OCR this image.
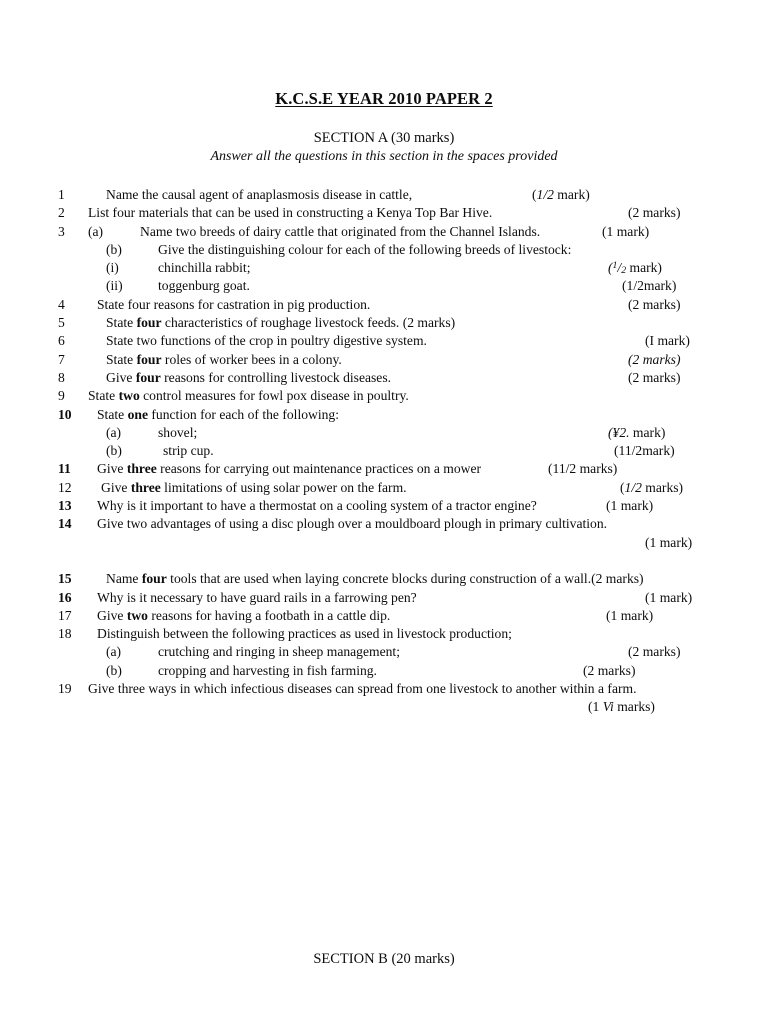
K.C.S.E YEAR 2010 PAPER 2
SECTION A (30 marks)
Answer all the questions in this section in the spaces provided
1	Name the causal agent of anaplasmosis disease in cattle,	(1/2 mark)
2	List four materials that can be used in constructing a Kenya Top Bar Hive.	(2 marks)
3	(a)	Name two breeds of dairy cattle that originated from the Channel Islands.	(1 mark)
(b)	Give the distinguishing colour for each of the following breeds of livestock:
(i)	chinchilla rabbit;	($^1/_2$ mark)
(ii)	toggenburg goat.	(1/2mark)
4	State four reasons for castration in pig production.	(2 marks)
5	State four characteristics of roughage livestock feeds. (2 marks)
6	State two functions of the crop in poultry digestive system.	(I mark)
7	State four roles of worker bees in a colony.	(2 marks)
8	Give four reasons for controlling livestock diseases.	(2 marks)
9	State two control measures for fowl pox disease in poultry.
10	State one function for each of the following:
(a)	shovel;	(¥2. mark)
(b)	strip cup.	(11/2mark)
11	Give three reasons for carrying out maintenance practices on a mower	(11/2 marks)
12	Give three limitations of using solar power on the farm.	(1/2 marks)
13	Why is it important to have a thermostat on a cooling system of a tractor engine?	(1 mark)
14	Give two advantages of using a disc plough over a mouldboard plough in primary cultivation.
(1 mark)
15	Name four tools that are used when laying concrete blocks during construction of a wall.(2 marks)
16	Why is it necessary to have guard rails in a farrowing pen?	(1 mark)
17	Give two reasons for having a footbath in a cattle dip.	(1 mark)
18	Distinguish between the following practices as used in livestock production;
(a)	crutching and ringing in sheep management;	(2 marks)
(b)	cropping and harvesting in fish farming.	(2 marks)
19	Give three ways in which infectious diseases can spread from one livestock to another within a farm.
(1 Vi marks)
SECTION B (20 marks)
